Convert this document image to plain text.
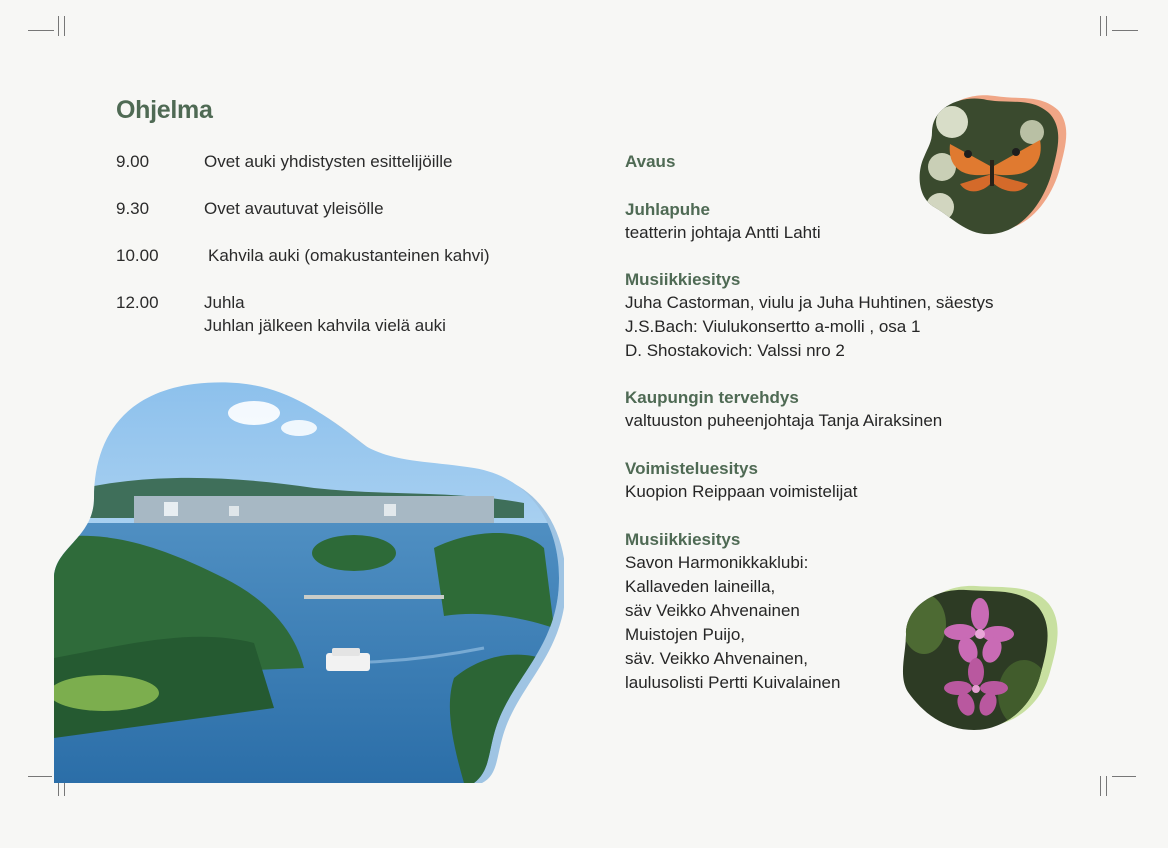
Ohjelma
9.00	Ovet auki yhdistysten esittelijöille
9.30	Ovet avautuvat yleisölle
10.00	Kahvila auki (omakustanteinen kahvi)
12.00	Juhla
Juhlan jälkeen kahvila vielä auki
Avaus
Juhlapuhe
teatterin johtaja Antti Lahti
Musiikkiesitys
Juha Castorman, viulu ja Juha Huhtinen, säestys
J.S.Bach: Viulukonsertto a-molli , osa 1
D. Shostakovich: Valssi nro 2
Kaupungin tervehdys
valtuuston puheenjohtaja Tanja Airaksinen
Voimisteluesitys
Kuopion Reippaan voimistelijat
Musiikkiesitys
Savon Harmonikkaklubi:
Kallaveden laineilla,
säv Veikko Ahvenainen
Muistojen Puijo,
säv. Veikko Ahvenainen,
laulusolisti Pertti Kuivalainen
